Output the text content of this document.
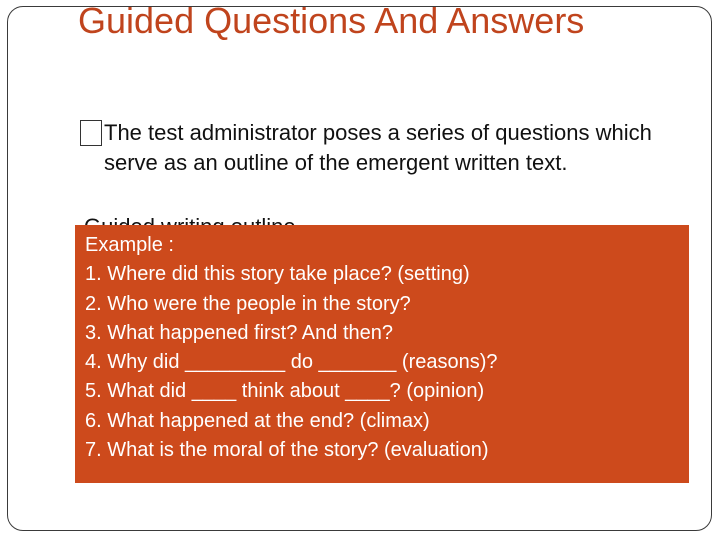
Guided Questions And Answers
The test administrator poses a series of questions which serve as an outline of the emergent written text.
Example :
1. Where did this story take place? (setting)
2. Who were the people in the story?
3. What happened first? And then?
4. Why did _________ do _______ (reasons)?
5. What did ____ think about ____? (opinion)
6. What happened at the end? (climax)
7. What is the moral of the story? (evaluation)
